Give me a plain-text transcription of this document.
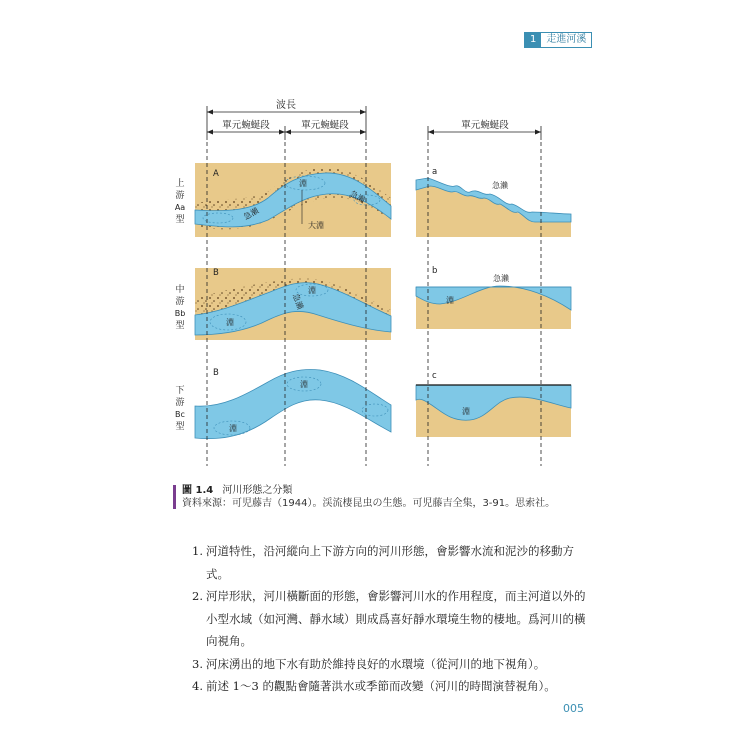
1	走進河溪
波長
單元蜿蜒段	單元蜿蜒段	單元蜿蜒段
A
急瀨
急瀨
淵
大淵
上
游
Aa
型
B
淵
淵
急瀨
中
游
Bb
型
B
淵
淵
下
游
Bc
型
a
急瀨
b
急瀨
淵
c
淵
圖 1.4 河川形態之分類
資料來源：可児藤吉（1944）。渓流棲昆虫の生態。可児藤吉全集，3-91。思索社。
1. 河道特性，沿河縱向上下游方向的河川形態，會影響水流和泥沙的移動方式。
2. 河岸形狀，河川橫斷面的形態，會影響河川水的作用程度，而主河道以外的小型水域（如河灣、靜水域）則成爲喜好靜水環境生物的棲地。爲河川的橫向視角。
3. 河床湧出的地下水有助於維持良好的水環境（從河川的地下視角）。
4. 前述 1～3 的觀點會隨著洪水或季節而改變（河川的時間演替視角）。
005
